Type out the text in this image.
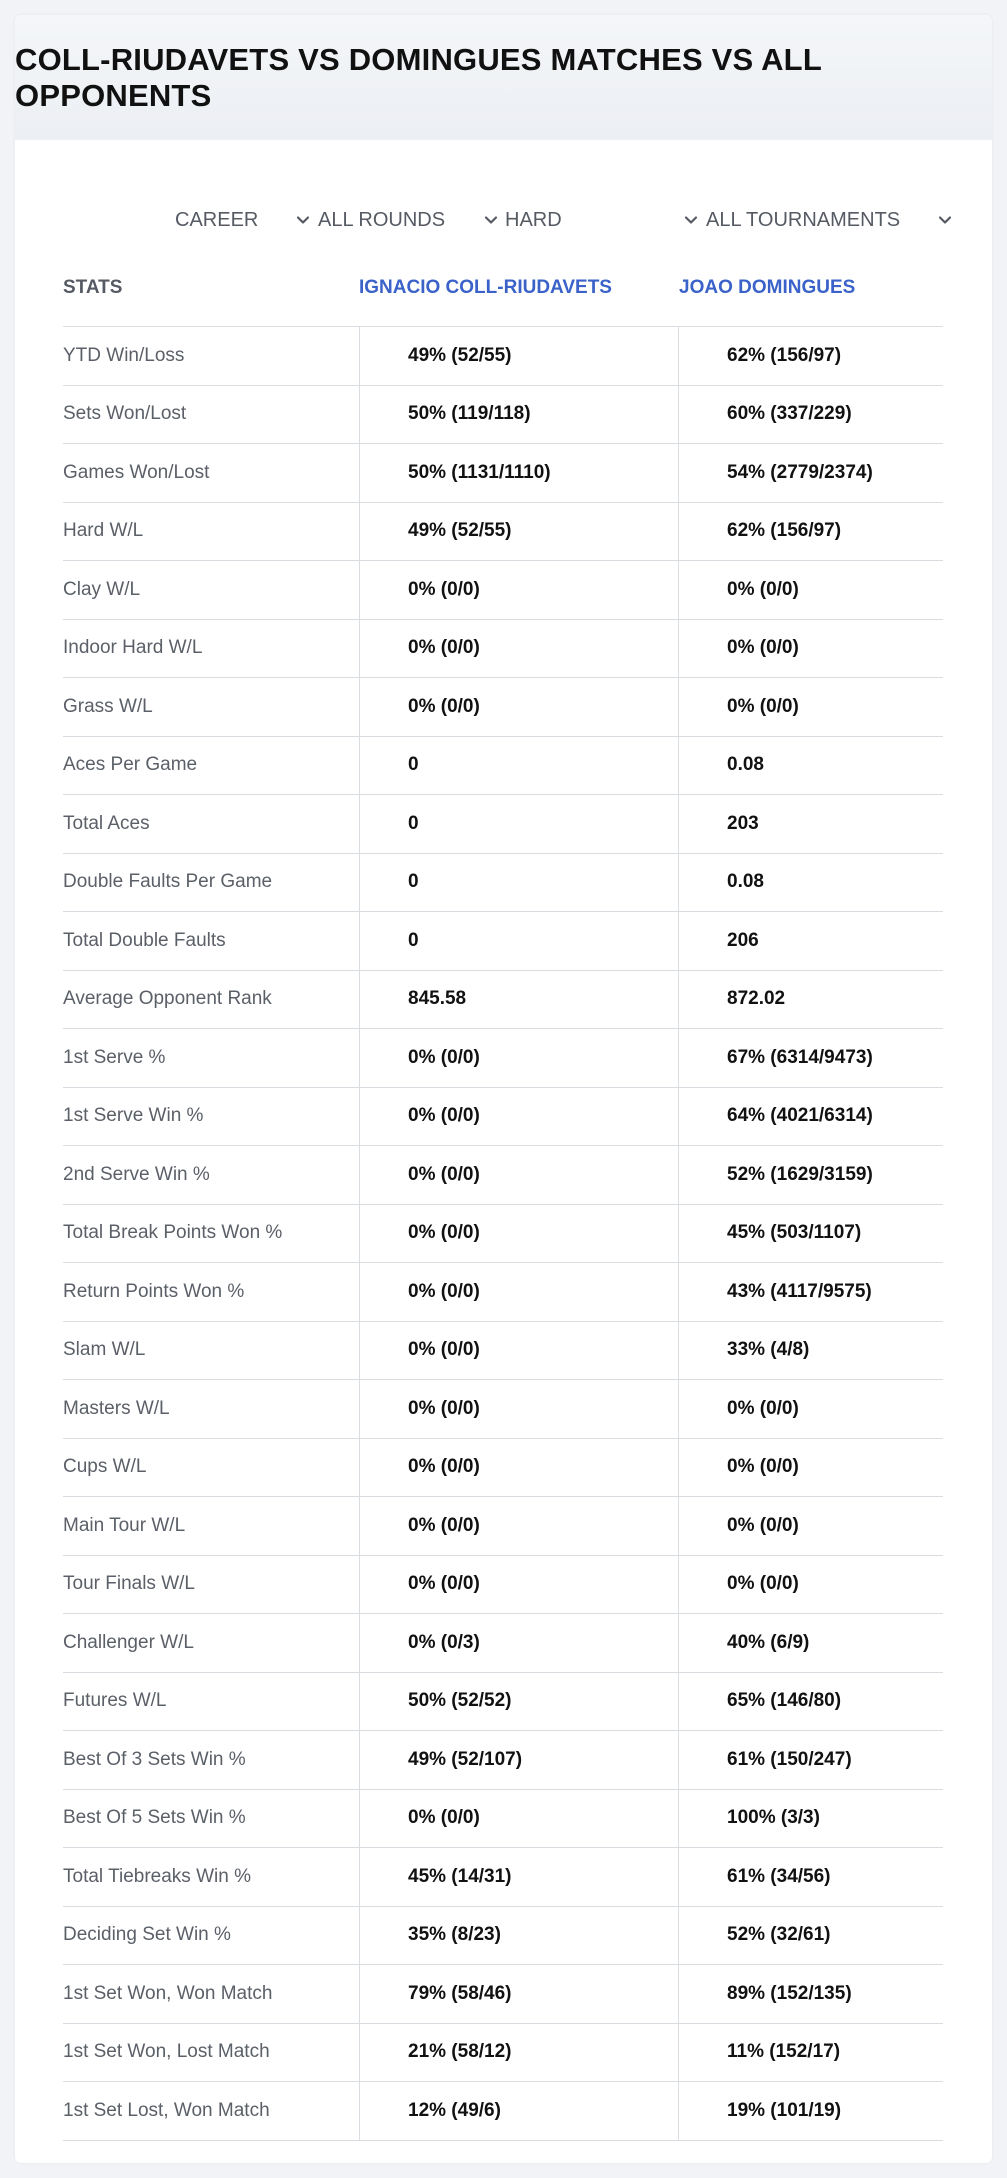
COLL-RIUDAVETS VS DOMINGUES MATCHES VS ALL OPPONENTS
CAREER	ALL ROUNDS	HARD	ALL TOURNAMENTS
STATS	IGNACIO COLL-RIUDAVETS	JOAO DOMINGUES
YTD Win/Loss	49% (52/55)	62% (156/97)
Sets Won/Lost	50% (119/118)	60% (337/229)
Games Won/Lost	50% (1131/1110)	54% (2779/2374)
Hard W/L	49% (52/55)	62% (156/97)
Clay W/L	0% (0/0)	0% (0/0)
Indoor Hard W/L	0% (0/0)	0% (0/0)
Grass W/L	0% (0/0)	0% (0/0)
Aces Per Game	0	0.08
Total Aces	0	203
Double Faults Per Game	0	0.08
Total Double Faults	0	206
Average Opponent Rank	845.58	872.02
1st Serve %	0% (0/0)	67% (6314/9473)
1st Serve Win %	0% (0/0)	64% (4021/6314)
2nd Serve Win %	0% (0/0)	52% (1629/3159)
Total Break Points Won %	0% (0/0)	45% (503/1107)
Return Points Won %	0% (0/0)	43% (4117/9575)
Slam W/L	0% (0/0)	33% (4/8)
Masters W/L	0% (0/0)	0% (0/0)
Cups W/L	0% (0/0)	0% (0/0)
Main Tour W/L	0% (0/0)	0% (0/0)
Tour Finals W/L	0% (0/0)	0% (0/0)
Challenger W/L	0% (0/3)	40% (6/9)
Futures W/L	50% (52/52)	65% (146/80)
Best Of 3 Sets Win %	49% (52/107)	61% (150/247)
Best Of 5 Sets Win %	0% (0/0)	100% (3/3)
Total Tiebreaks Win %	45% (14/31)	61% (34/56)
Deciding Set Win %	35% (8/23)	52% (32/61)
1st Set Won, Won Match	79% (58/46)	89% (152/135)
1st Set Won, Lost Match	21% (58/12)	11% (152/17)
1st Set Lost, Won Match	12% (49/6)	19% (101/19)
